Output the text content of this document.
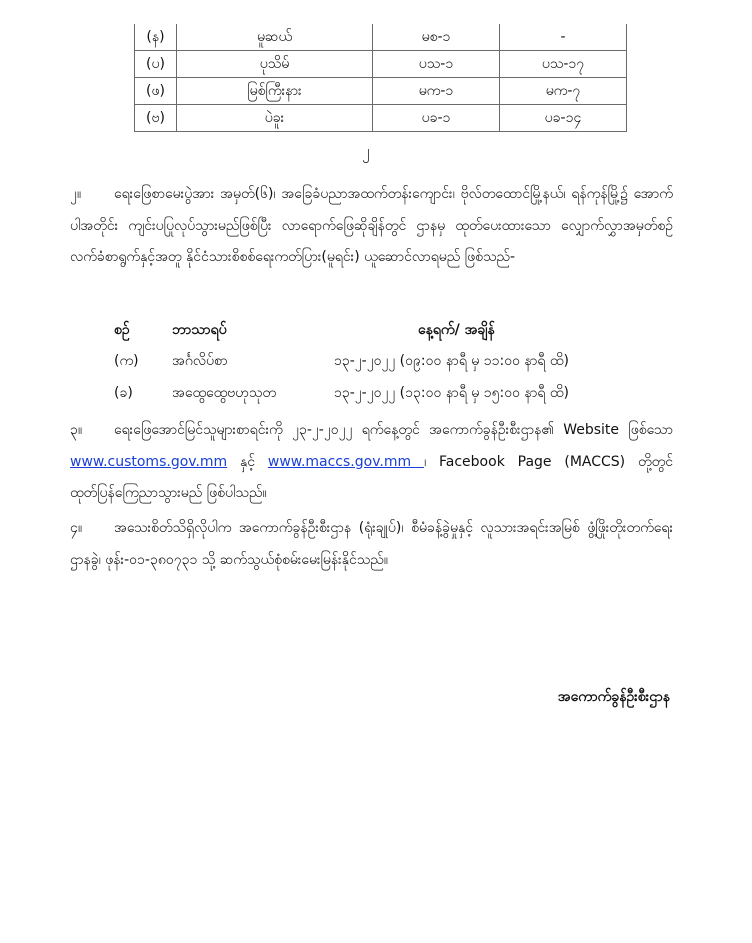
(န)	မူဆယ်	မစ-၁	-
(ပ)	ပုသိမ်	ပသ-၁	ပသ-၁၇
(ဖ)	မြစ်ကြီးနား	မက-၁	မက-၇
(ဗ)	ပဲခူး	ပခ-၁	ပခ-၁၄
၂

၂။ ရေးဖြေစာမေးပွဲအား အမှတ်(၆)၊ အခြေခံပညာအထက်တန်းကျောင်း၊ ဗိုလ်တထောင်မြို့နယ်၊ ရန်ကုန်မြို့၌ အောက်ပါအတိုင်း ကျင်းပပြုလုပ်သွားမည်ဖြစ်ပြီး လာရောက်ဖြေဆိုချိန်တွင် ဌာနမှ ထုတ်ပေးထားသော လျှောက်လွှာအမှတ်စဉ် လက်ခံစာရွက်နှင့်အတူ နိုင်ငံသားစိစစ်ရေးကတ်ပြား(မူရင်း) ယူဆောင်လာရမည် ဖြစ်သည်-

စဉ်	ဘာသာရပ်	နေ့ရက်/ အချိန်
(က) အင်္ဂလိပ်စာ	၁၃-၂-၂၀၂၂ (၀၉:၀၀ နာရီ မှ ၁၁:၀၀ နာရီ ထိ)
(ခ)	အထွေထွေဗဟုသုတ	၁၃-၂-၂၀၂၂ (၁၃:၀၀ နာရီ မှ ၁၅:၀၀ နာရီ ထိ)

၃။ ရေးဖြေအောင်မြင်သူများစာရင်းကို ၂၃-၂-၂၀၂၂ ရက်နေ့တွင် အကောက်ခွန်ဦးစီးဌာန၏ Website ဖြစ်သော www.customs.gov.mm နှင့် www.maccs.gov.mm ၊ Facebook Page (MACCS) တို့တွင် ထုတ်ပြန်ကြေညာသွားမည် ဖြစ်ပါသည်။

၄။ အသေးစိတ်သိရှိလိုပါက အကောက်ခွန်ဦးစီးဌာန (ရုံးချုပ်)၊ စီမံခန့်ခွဲမှုနှင့် လူသားအရင်းအမြစ် ဖွံ့ဖြိုးတိုးတက်ရေးဌာနခွဲ၊ ဖုန်း-၀၁-၃၈၀၇၃၁ သို့ ဆက်သွယ်စုံစမ်းမေးမြန်းနိုင်သည်။

အကောက်ခွန်ဦးစီးဌာန
